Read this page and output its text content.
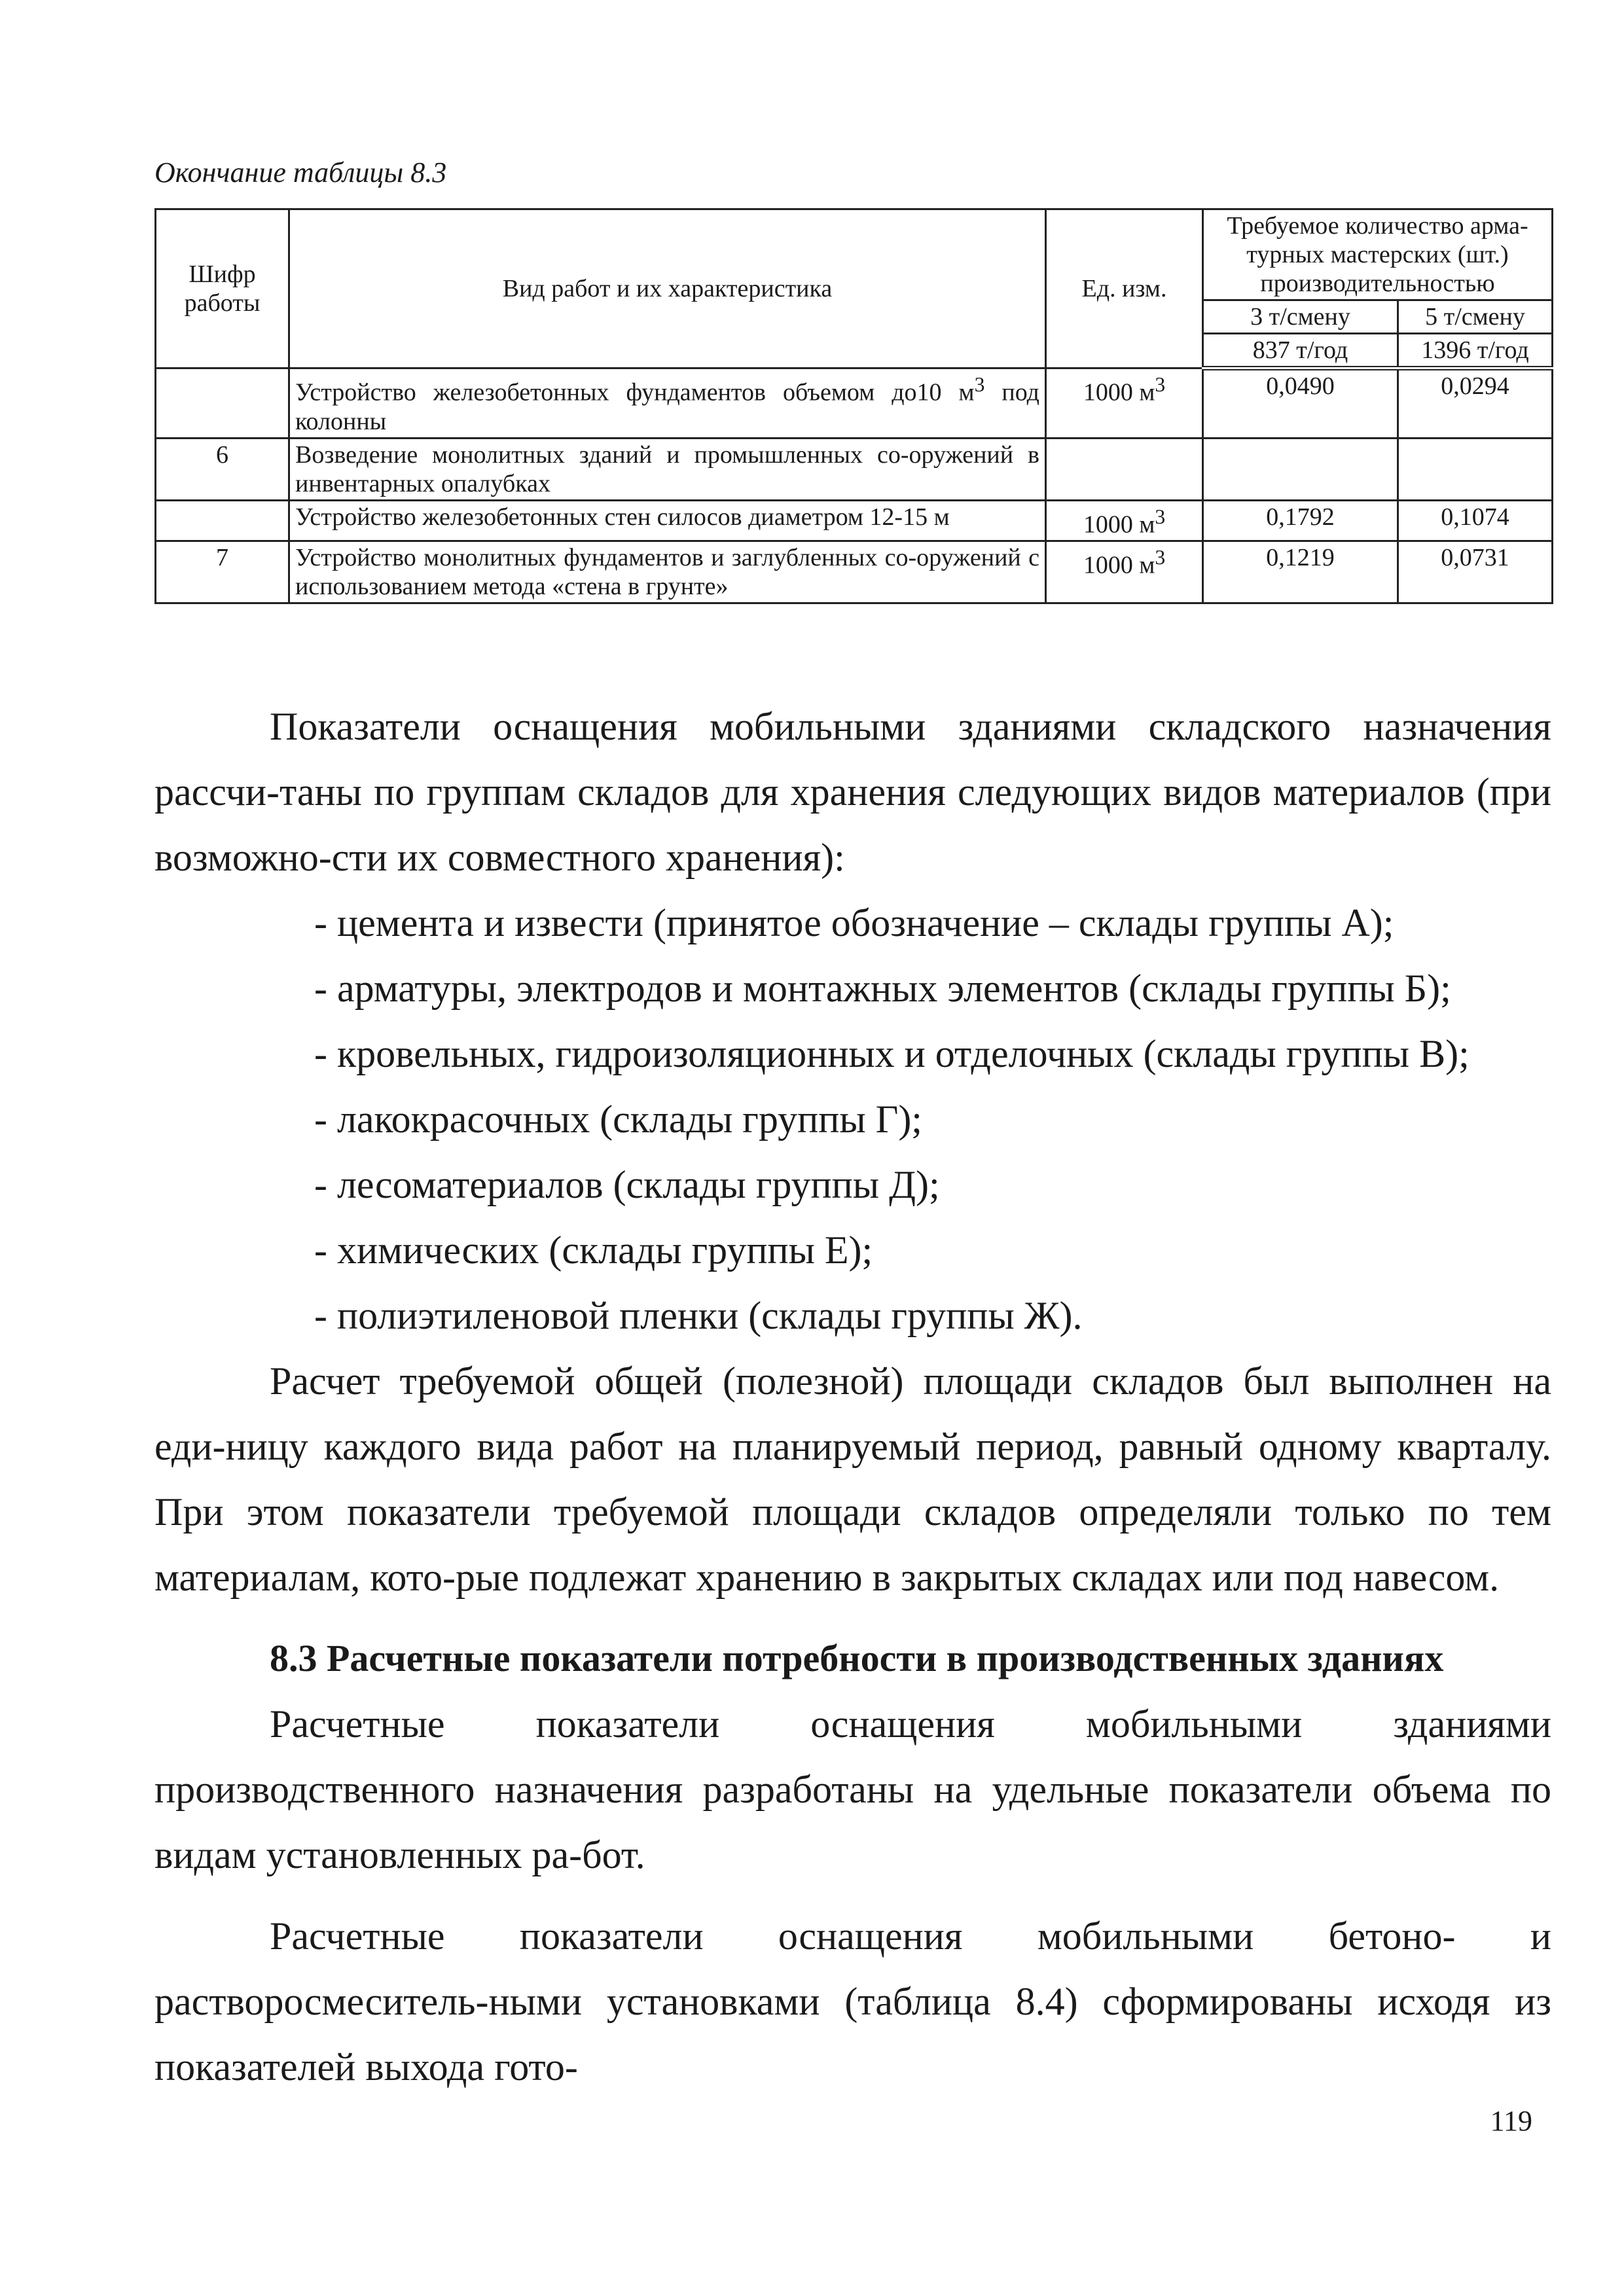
Окончание таблицы 8.3
Шифр работы	Вид работ и их характеристика	Ед. изм.	Требуемое количество арма-турных мастерских (шт.) производительностью	
			3 т/смену	5 т/смену
			837 т/год	1396 т/год
	Устройство железобетонных фундаментов объемом до10 $м^3$ под колонны	1000 $м^3$	0,0490	0,0294
6	Возведение монолитных зданий и промышленных со-оружений в инвентарных опалубках			
	Устройство железобетонных стен силосов диаметром 12-15 м	1000 $м^3$	0,1792	0,1074
7	Устройство монолитных фундаментов и заглубленных со-оружений с использованием метода «стена в грунте»	1000 $м^3$	0,1219	0,0731

Показатели оснащения мобильными зданиями складского назначения рассчи-таны по группам складов для хранения следующих видов материалов (при возможно-сти их совместного хранения):

- цемента и извести (принятое обозначение – склады группы А);
- арматуры, электродов и монтажных элементов (склады группы Б);
- кровельных, гидроизоляционных и отделочных (склады группы В);
- лакокрасочных (склады группы Г);
- лесоматериалов (склады группы Д);
- химических (склады группы Е);
- полиэтиленовой пленки (склады группы Ж).

Расчет требуемой общей (полезной) площади складов был выполнен на еди-ницу каждого вида работ на планируемый период, равный одному кварталу. При этом показатели требуемой площади складов определяли только по тем материалам, кото-рые подлежат хранению в закрытых складах или под навесом.

8.3 Расчетные показатели потребности в производственных зданиях

Расчетные показатели оснащения мобильными зданиями производственного назначения разработаны на удельные показатели объема по видам установленных ра-бот.

Расчетные показатели оснащения мобильными бетоно- и растворосмеситель-ными установками (таблица 8.4) сформированы исходя из показателей выхода гото-

119
